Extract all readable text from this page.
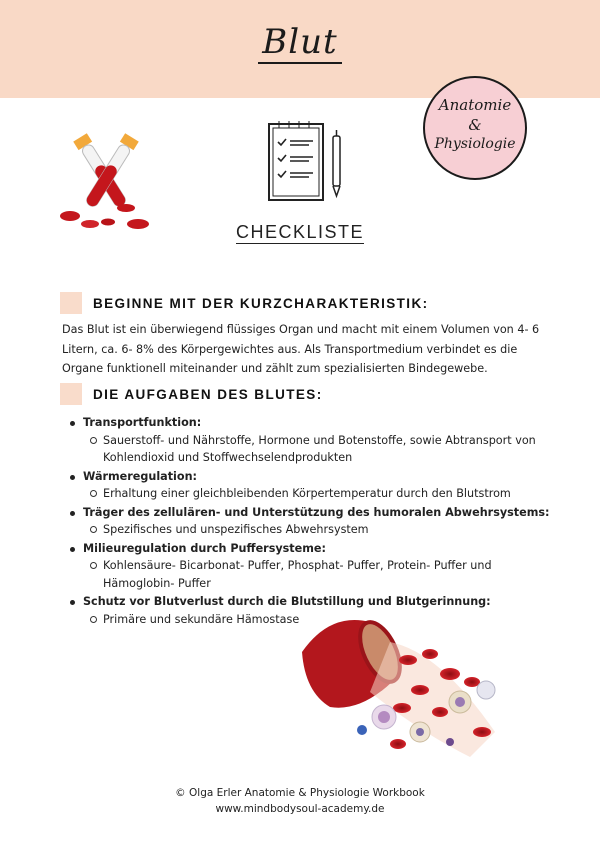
Blut
Anatomie
&
Physiologie
CHECKLISTE
BEGINNE MIT DER KURZCHARAKTERISTIK:
Das Blut ist ein überwiegend flüssiges Organ und macht mit einem Volumen von 4- 6 Litern, ca. 6- 8% des Körpergewichtes aus. Als Transportmedium verbindet es die Organe funktionell miteinander und zählt zum spezialisierten Bindegewebe.
DIE AUFGABEN DES BLUTES:
Transportfunktion:
Sauerstoff- und Nährstoffe, Hormone und Botenstoffe, sowie Abtransport von Kohlendioxid und Stoffwechselendprodukten
Wärmeregulation:
Erhaltung einer gleichbleibenden Körpertemperatur durch den Blutstrom
Träger des zellulären- und Unterstützung des humoralen Abwehrsystems:
Spezifisches und unspezifisches Abwehrsystem
Milieuregulation durch Puffersysteme:
Kohlensäure- Bicarbonat- Puffer, Phosphat- Puffer, Protein- Puffer und Hämoglobin- Puffer
Schutz vor Blutverlust durch die Blutstillung und Blutgerinnung:
Primäre und sekundäre Hämostase
© Olga Erler Anatomie & Physiologie Workbook
www.mindbodysoul-academy.de
